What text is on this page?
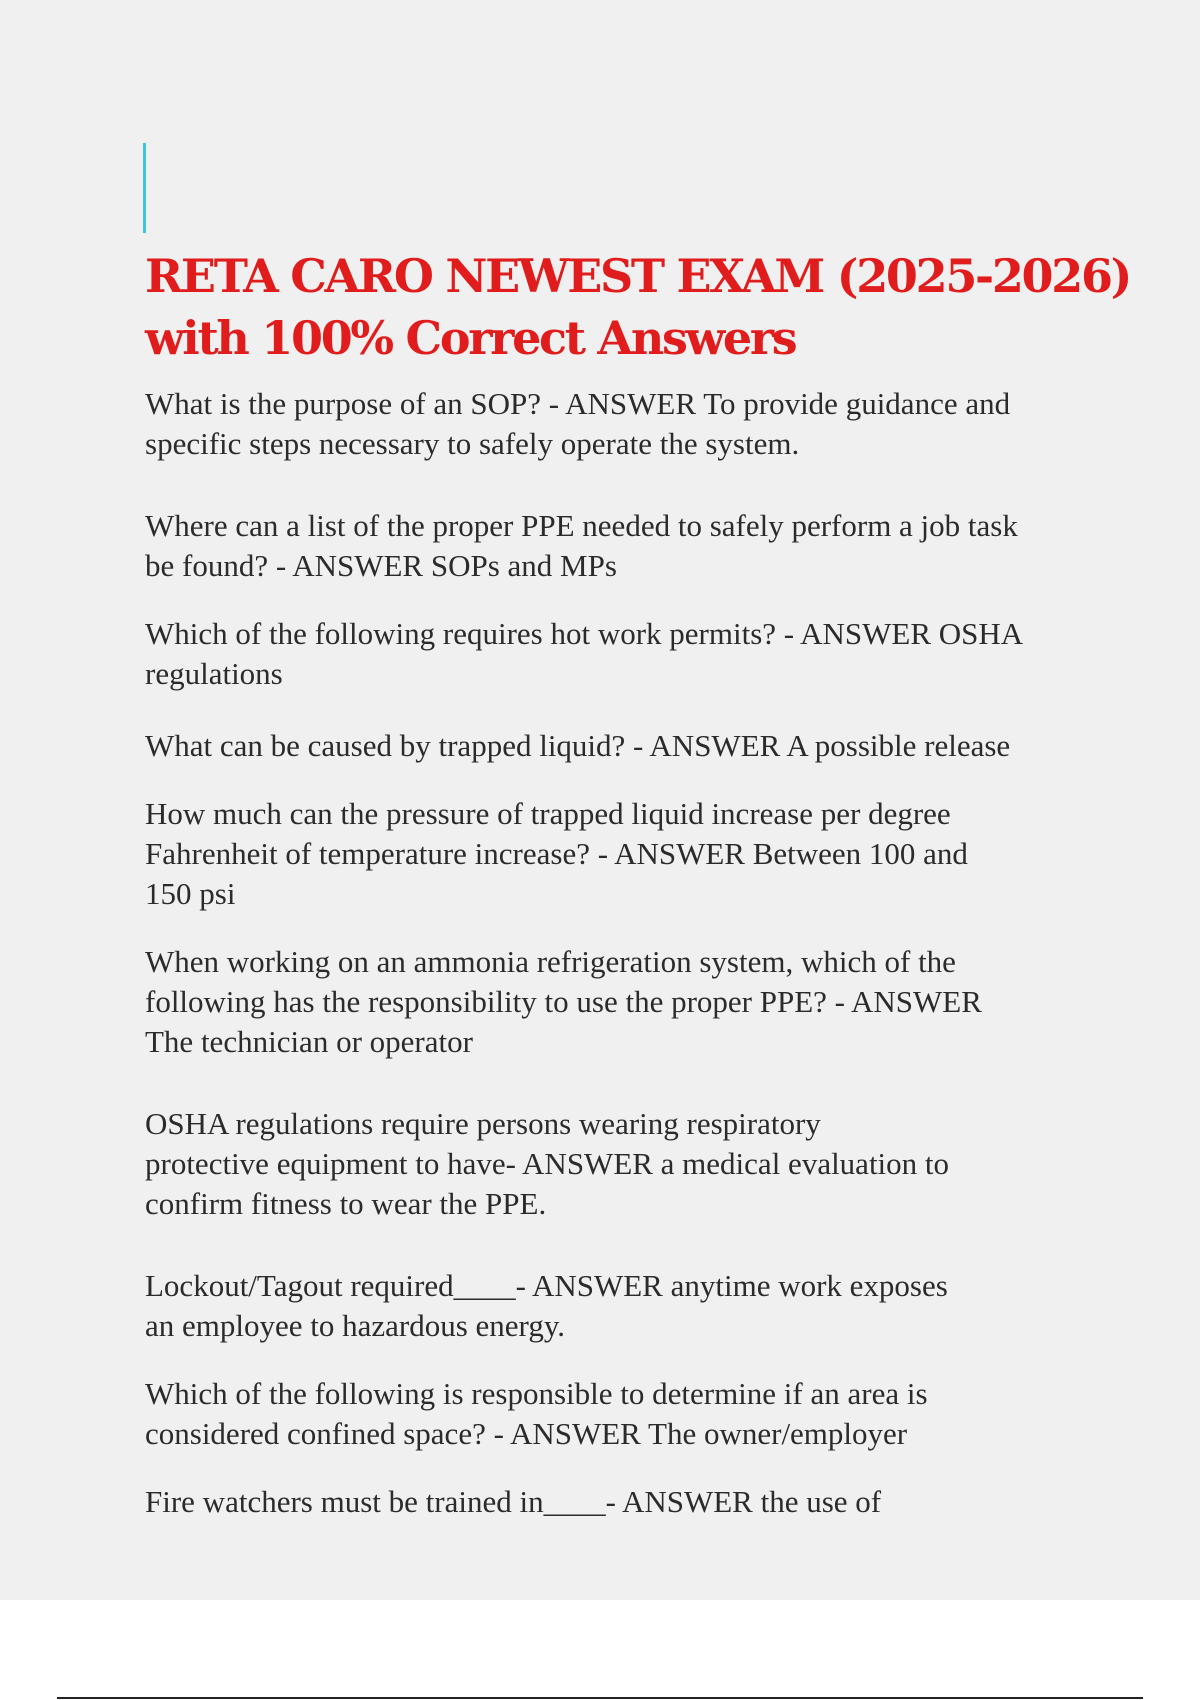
RETA CARO NEWEST EXAM (2025-2026)
with 100% Correct Answers

What is the purpose of an SOP? - ANSWER To provide guidance and
specific steps necessary to safely operate the system.

Where can a list of the proper PPE needed to safely perform a job task
be found? - ANSWER SOPs and MPs

Which of the following requires hot work permits? - ANSWER OSHA
regulations

What can be caused by trapped liquid? - ANSWER A possible release

How much can the pressure of trapped liquid increase per degree
Fahrenheit of temperature increase? - ANSWER Between 100 and
150 psi

When working on an ammonia refrigeration system, which of the
following has the responsibility to use the proper PPE? - ANSWER
The technician or operator

OSHA regulations require persons wearing respiratory
protective equipment to have- ANSWER a medical evaluation to
confirm fitness to wear the PPE.

Lockout/Tagout required____- ANSWER anytime work exposes
an employee to hazardous energy.

Which of the following is responsible to determine if an area is
considered confined space? - ANSWER The owner/employer

Fire watchers must be trained in____- ANSWER the use of
